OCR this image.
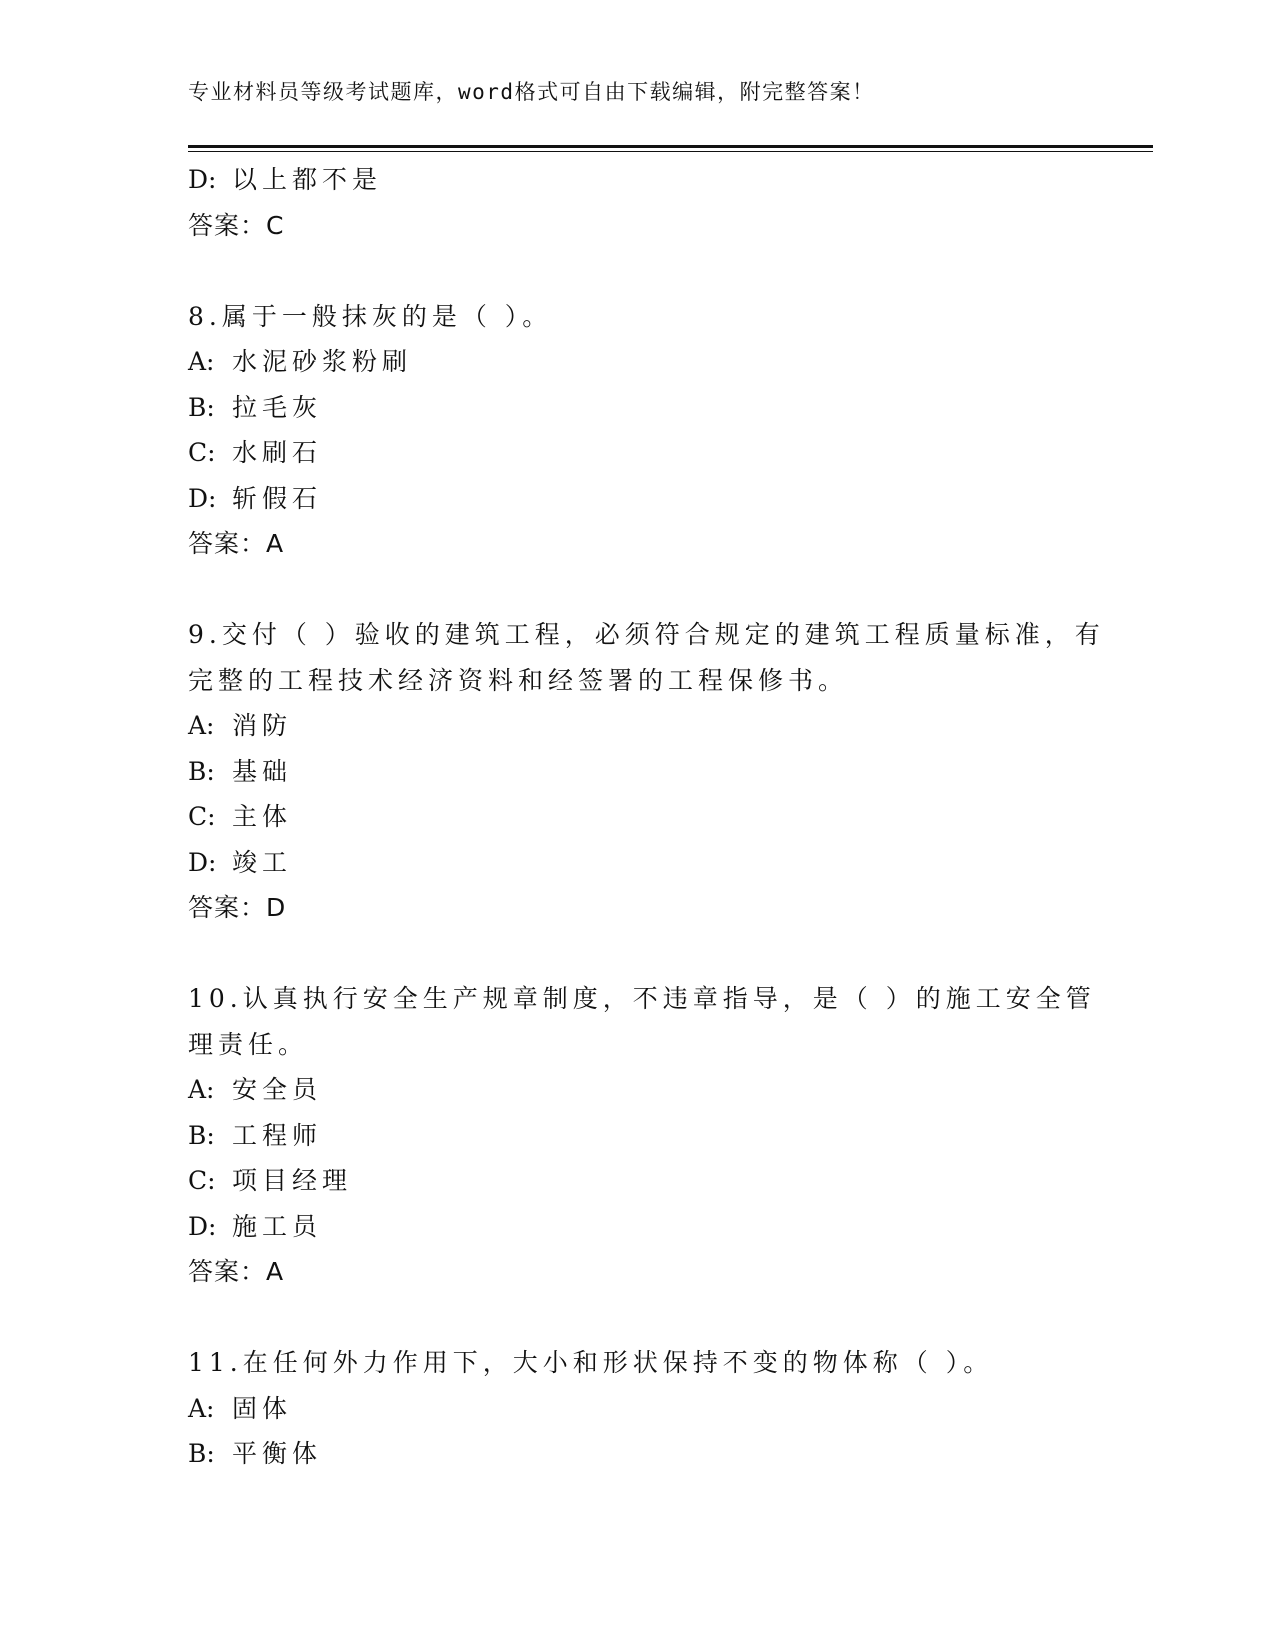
专业材料员等级考试题库，word格式可自由下载编辑，附完整答案！
D: 以上都不是
答案：C
8.属于一般抹灰的是（ ）。
A: 水泥砂浆粉刷
B: 拉毛灰
C: 水刷石
D: 斩假石
答案：A
9.交付（ ）验收的建筑工程，必须符合规定的建筑工程质量标准，有
完整的工程技术经济资料和经签署的工程保修书。
A: 消防
B: 基础
C: 主体
D: 竣工
答案：D
10.认真执行安全生产规章制度，不违章指导，是（ ）的施工安全管
理责任。
A: 安全员
B: 工程师
C: 项目经理
D: 施工员
答案：A
11.在任何外力作用下，大小和形状保持不变的物体称（ ）。
A: 固体
B: 平衡体
